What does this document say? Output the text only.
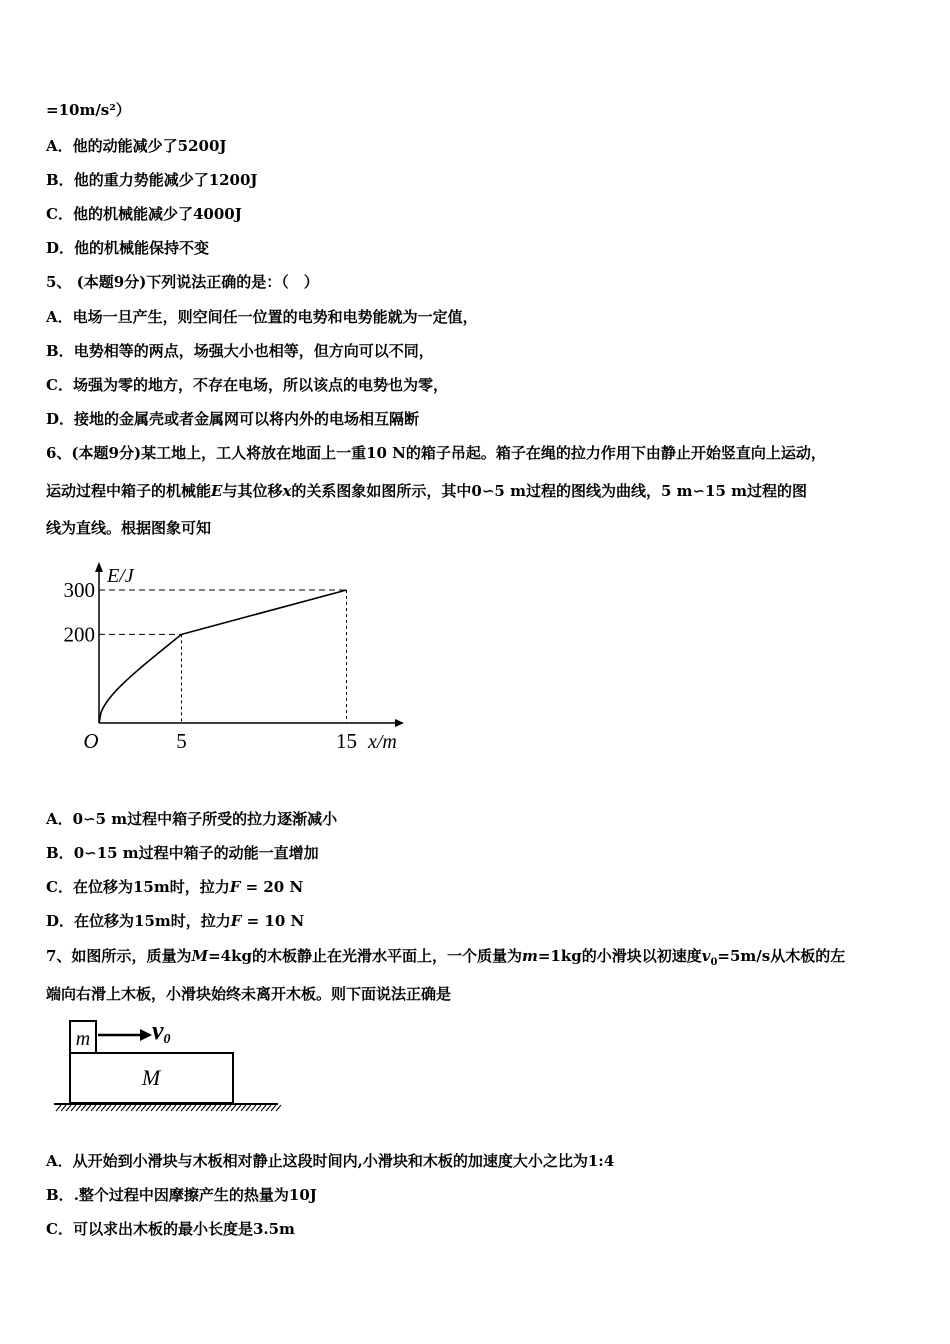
=10m/s²）
A．他的动能减少了5200J
B．他的重力势能减少了1200J
C．他的机械能减少了4000J
D．他的机械能保持不变
5、 (本题9分)下列说法正确的是：（　）
A．电场一旦产生，则空间任一位置的电势和电势能就为一定值，
B．电势相等的两点，场强大小也相等，但方向可以不同，
C．场强为零的地方，不存在电场，所以该点的电势也为零，
D．接地的金属壳或者金属网可以将内外的电场相互隔断
6、(本题9分)某工地上，工人将放在地面上一重10 N的箱子吊起。箱子在绳的拉力作用下由静止开始竖直向上运动，
运动过程中箱子的机械能E与其位移x的关系图象如图所示，其中0∽5 m过程的图线为曲线，5 m∽15 m过程的图
线为直线。根据图象可知
200
300
5	15
O
E/J
x/m
A．0∽5 m过程中箱子所受的拉力逐渐减小
B．0∽15 m过程中箱子的动能一直增加
C．在位移为15m时，拉力F = 20 N
D．在位移为15m时，拉力F = 10 N
7、如图所示，质量为M=4kg的木板静止在光滑水平面上，一个质量为m=1kg的小滑块以初速度$v_0=5m/s$从木板的左
端向右滑上木板，小滑块始终未离开木板。则下面说法正确是
m v0
M
A．从开始到小滑块与木板相对静止这段时间内,小滑块和木板的加速度大小之比为1:4
B．.整个过程中因摩擦产生的热量为10J
C．可以求出木板的最小长度是3.5m
